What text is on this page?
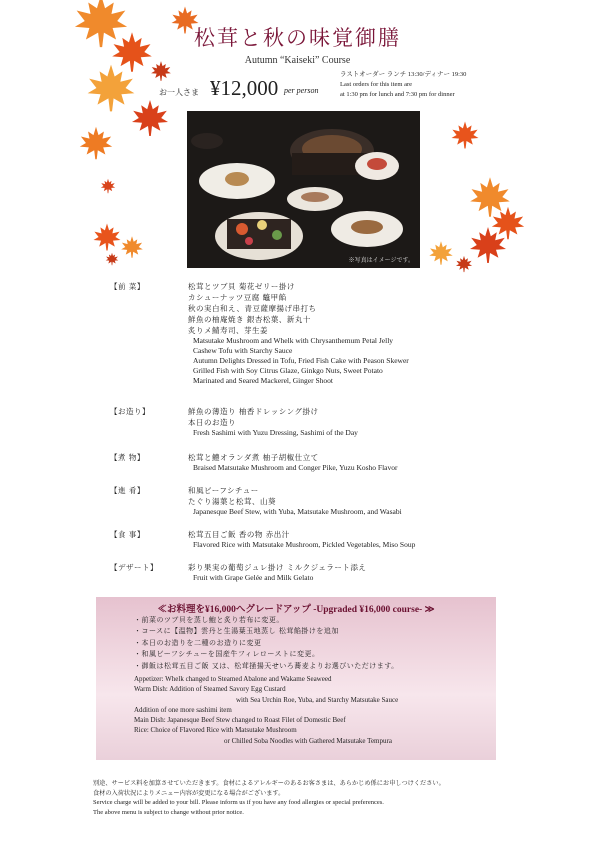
松茸と秋の味覚御膳
Autumn “Kaiseki” Course
お一人さま ¥12,000 per person
ラストオーダー ランチ 13:30/ディナー 19:30
Last orders for this item are
at 1:30 pm for lunch and 7:30 pm for dinner
※写真はイメージです。
【前 菜】	松茸とツブ貝 菊花ゼリー掛け
カシューナッツ豆腐 鼈甲餡
秋の実白和え、青豆薩摩揚げ串打ち
鮮魚の柚庵焼き 銀杏松葉、新丸十
炙りメ鯖寿司、芽生姜
Matsutake Mushroom and Whelk with Chrysanthemum Petal Jelly
Cashew Tofu with Starchy Sauce
Autumn Delights Dressed in Tofu, Fried Fish Cake with Peason Skewer
Grilled Fish with Soy Citrus Glaze, Ginkgo Nuts, Sweet Potato
Marinated and Seared Mackerel, Ginger Shoot
【お造り】	鮮魚の薄造り 柚香ドレッシング掛け
本日のお造り
Fresh Sashimi with Yuzu Dressing, Sashimi of the Day
【煮 物】	松茸と鱧オランダ煮 柚子胡椒仕立て
Braised Matsutake Mushroom and Conger Pike, Yuzu Kosho Flavor
【進 肴】	和風ビーフシチュー
たぐり湯葉と松茸、山葵
Japanesque Beef Stew, with Yuba, Matsutake Mushroom, and Wasabi
【食 事】	松茸五目ご飯 香の物 赤出汁
Flavored Rice with Matsutake Mushroom, Pickled Vegetables, Miso Soup
【デザート】	彩り果実の葡萄ジュレ掛け ミルクジェラート添え
Fruit with Grape Gelée and Milk Gelato
≪お料理を¥16,000へグレードアップ -Upgraded ¥16,000 course- ≫
・前菜のツブ貝を蒸し鮑と炙り若布に変更。
・コースに【温物】雲丹と生湯葉玉地蒸し 松茸餡掛けを追加
・本日のお造りを二種のお造りに変更
・和風ビーフシチューを国産牛フィレローストに変更。
・御飯は松茸五目ご飯 又は、松茸掻揚天せいろ蕎麦よりお選びいただけます。
Appetizer: Whelk changed to Steamed Abalone and Wakame Seaweed
Warm Dish: Addition of Steamed Savory Egg Custard
with Sea Urchin Roe, Yuba, and Starchy Matsutake Sauce
Addition of one more sashimi item
Main Dish: Japanesque Beef Stew changed to Roast Filet of Domestic Beef
Rice: Choice of Flavored Rice with Matsutake Mushroom
or Chilled Soba Noodles with Gathered Matsutake Tempura
別途、サービス料を加算させていただきます。食材によるアレルギーのあるお客さまは、あらかじめ係にお申しつけください。
食材の入荷状況によりメニュー内容が変更になる場合がございます。
Service charge will be added to your bill. Please inform us if you have any food allergies or special preferences.
The above menu is subject to change without prior notice.
